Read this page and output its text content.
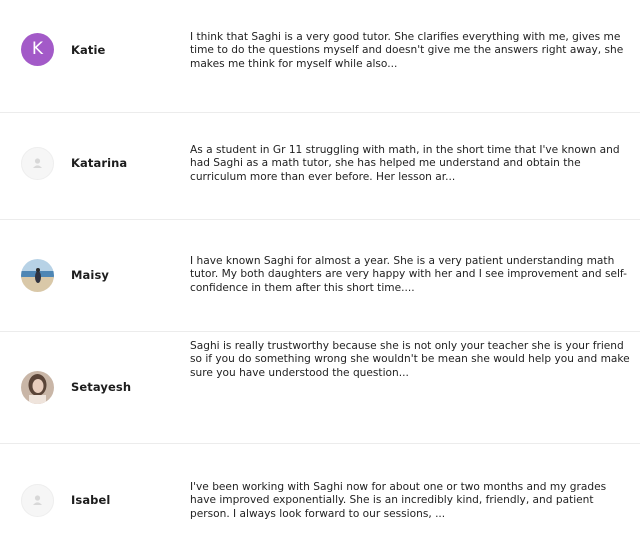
K	Katie
I think that Saghi is a very good tutor. She clarifies everything with me, gives me time to do the questions myself and doesn't give me the answers right away, she makes me think for myself while also...
Katarina
As a student in Gr 11 struggling with math, in the short time that I've known and had Saghi as a math tutor, she has helped me understand and obtain the curriculum more than ever before. Her lesson ar...
Maisy
I have known Saghi for almost a year. She is a very patient understanding math tutor. My both daughters are very happy with her and I see improvement and self-confidence in them after this short time....
Setayesh
Saghi is really trustworthy because she is not only your teacher she is your friend so if you do something wrong she wouldn't be mean she would help you and make sure you have understood the question...
Isabel
I've been working with Saghi now for about one or two months and my grades have improved exponentially. She is an incredibly kind, friendly, and patient person. I always look forward to our sessions, ...
